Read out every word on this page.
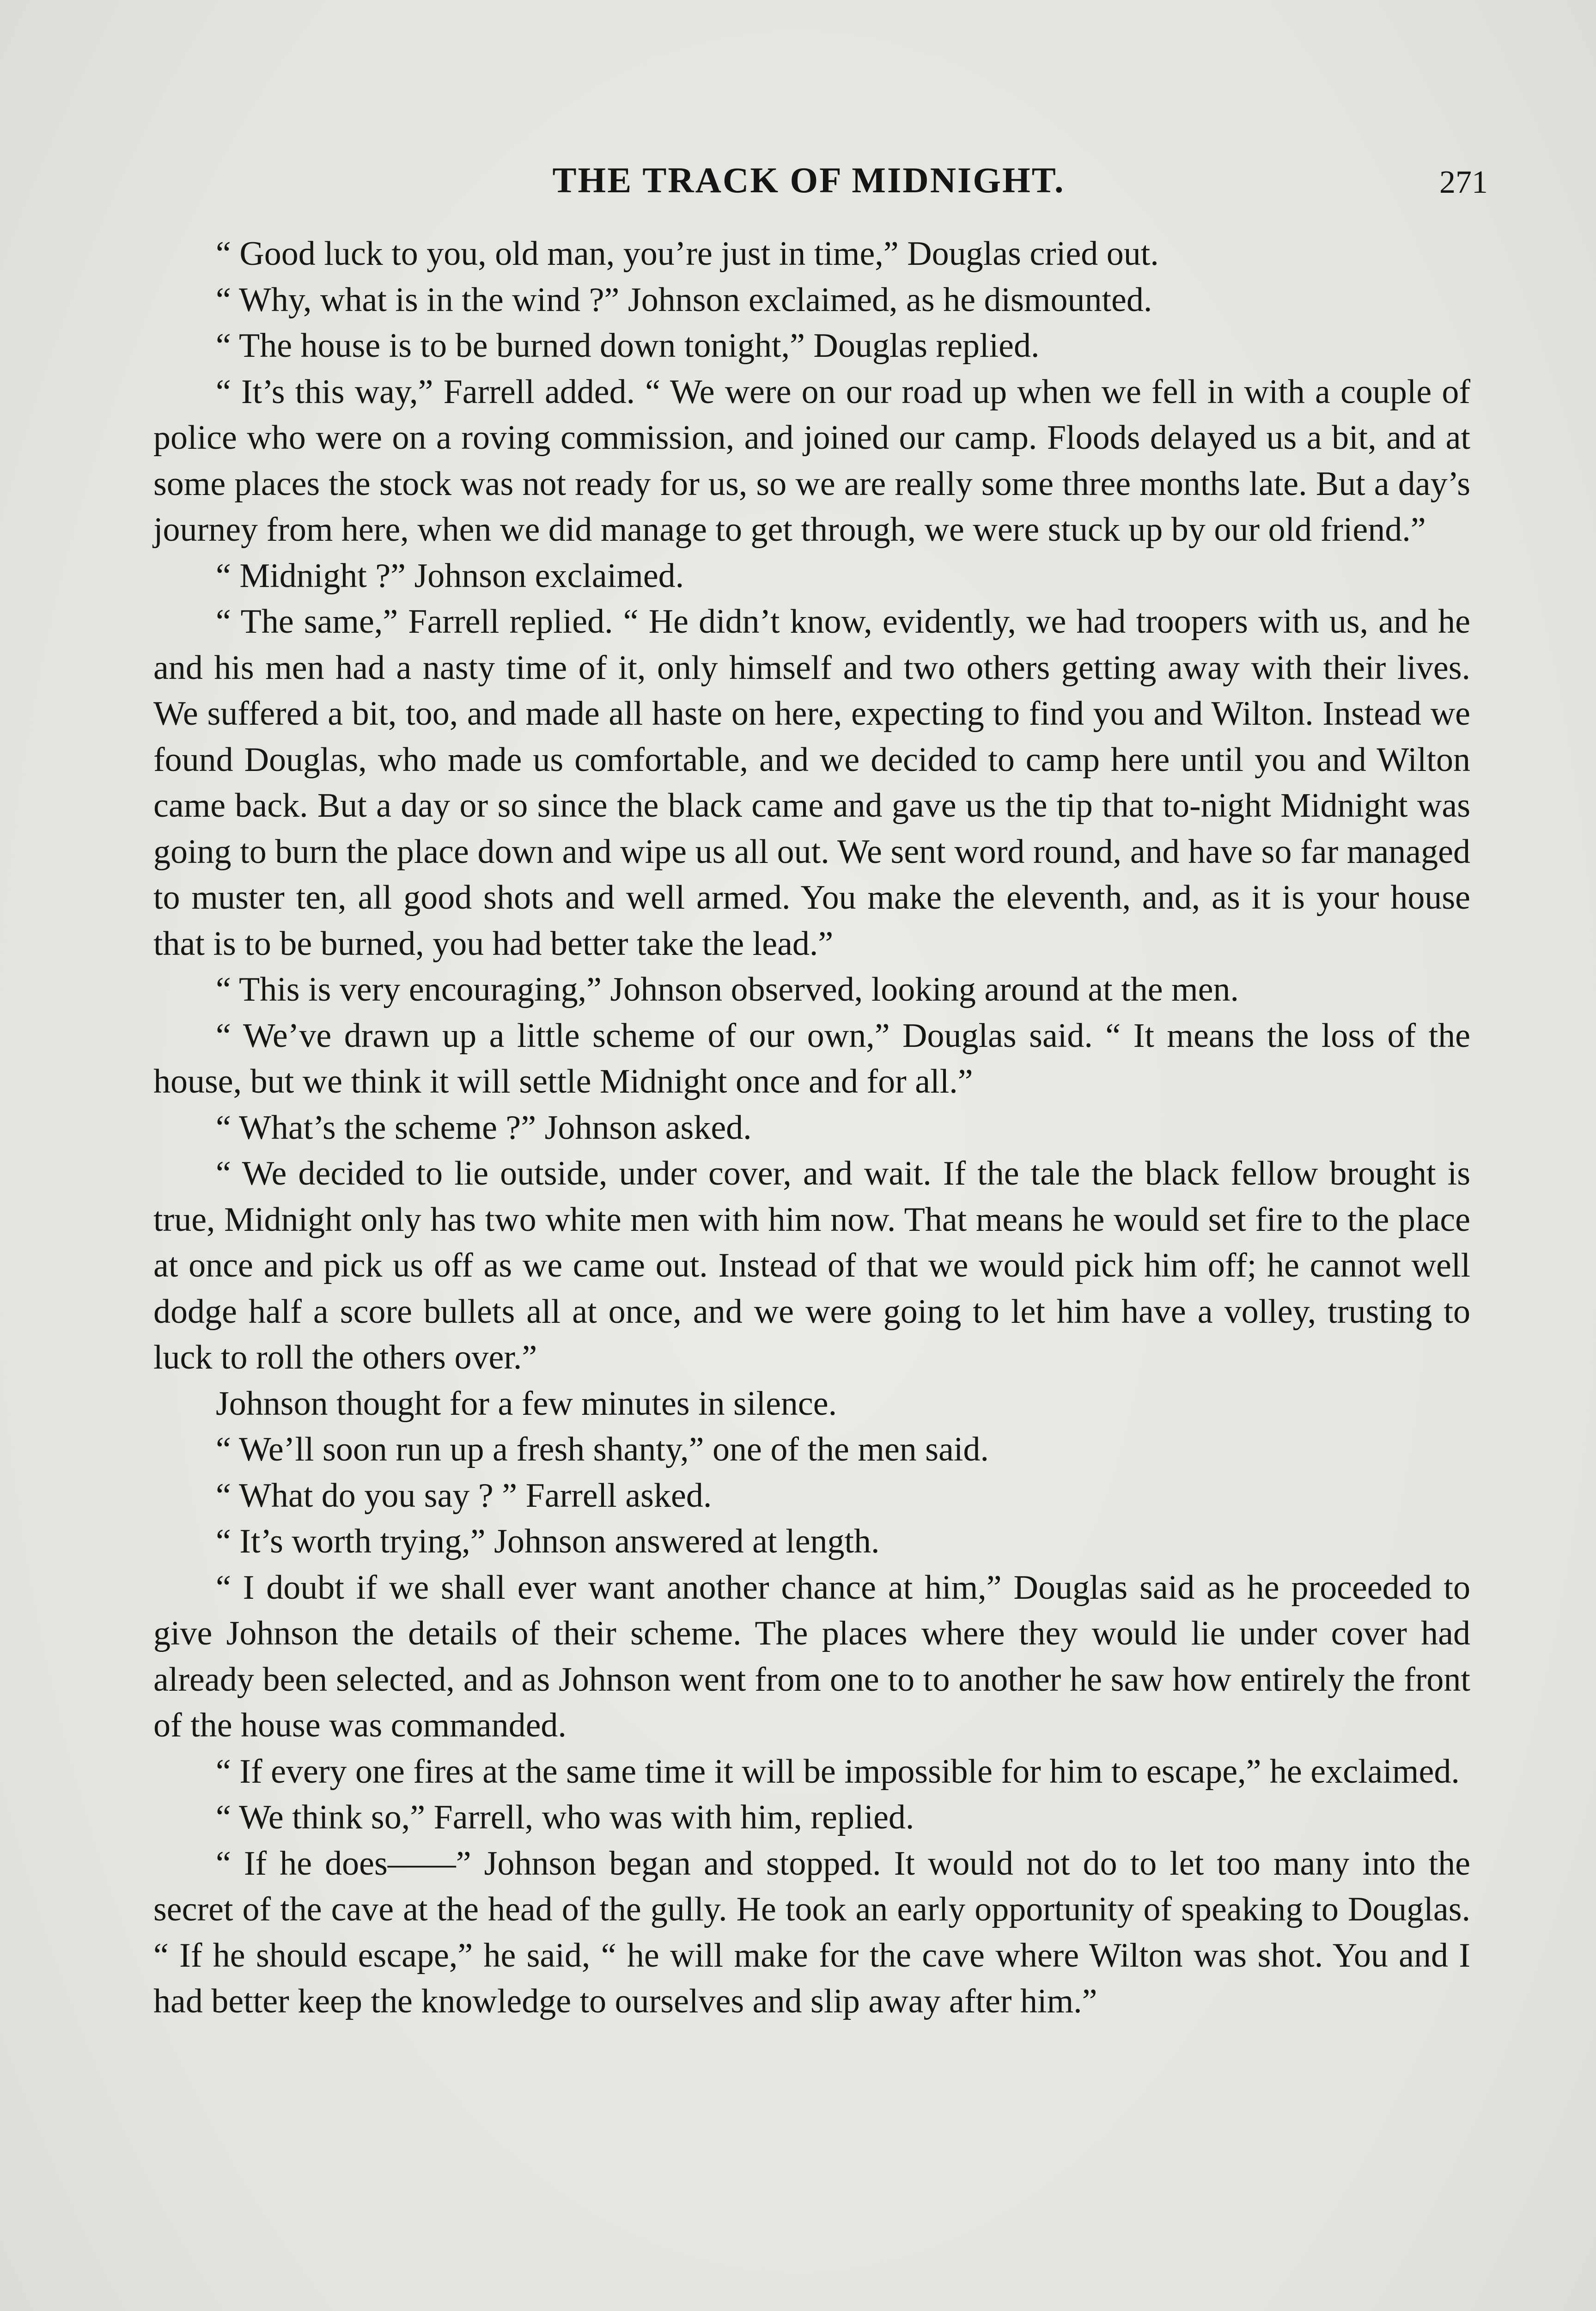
THE TRACK OF MIDNIGHT.	271

“ Good luck to you, old man, you’re just in time,” Douglas cried out.

“ Why, what is in the wind ?” Johnson exclaimed, as he dismounted.

“ The house is to be burned down tonight,” Douglas replied.

“ It’s this way,” Farrell added. “ We were on our road up when we fell in with a couple of police who were on a roving commission, and joined our camp. Floods delayed us a bit, and at some places the stock was not ready for us, so we are really some three months late. But a day’s journey from here, when we did manage to get through, we were stuck up by our old friend.”

“ Midnight ?” Johnson exclaimed.

“ The same,” Farrell replied. “ He didn’t know, evidently, we had troopers with us, and he and his men had a nasty time of it, only himself and two others getting away with their lives. We suffered a bit, too, and made all haste on here, expecting to find you and Wilton. Instead we found Douglas, who made us comfortable, and we decided to camp here until you and Wilton came back. But a day or so since the black came and gave us the tip that to-night Midnight was going to burn the place down and wipe us all out. We sent word round, and have so far managed to muster ten, all good shots and well armed. You make the eleventh, and, as it is your house that is to be burned, you had better take the lead.”

“ This is very encouraging,” Johnson observed, looking around at the men.

“ We’ve drawn up a little scheme of our own,” Douglas said. “ It means the loss of the house, but we think it will settle Midnight once and for all.”

“ What’s the scheme ?” Johnson asked.

“ We decided to lie outside, under cover, and wait. If the tale the black fellow brought is true, Midnight only has two white men with him now. That means he would set fire to the place at once and pick us off as we came out. Instead of that we would pick him off; he cannot well dodge half a score bullets all at once, and we were going to let him have a volley, trusting to luck to roll the others over.”

Johnson thought for a few minutes in silence.

“ We’ll soon run up a fresh shanty,” one of the men said.

“ What do you say ? ” Farrell asked.

“ It’s worth trying,” Johnson answered at length.

“ I doubt if we shall ever want another chance at him,” Douglas said as he proceeded to give Johnson the details of their scheme. The places where they would lie under cover had already been selected, and as Johnson went from one to to another he saw how entirely the front of the house was commanded.

“ If every one fires at the same time it will be impossible for him to escape,” he exclaimed.

“ We think so,” Farrell, who was with him, replied.

“ If he does——” Johnson began and stopped. It would not do to let too many into the secret of the cave at the head of the gully. He took an early opportunity of speaking to Douglas. “ If he should escape,” he said, “ he will make for the cave where Wilton was shot. You and I had better keep the knowledge to ourselves and slip away after him.”
